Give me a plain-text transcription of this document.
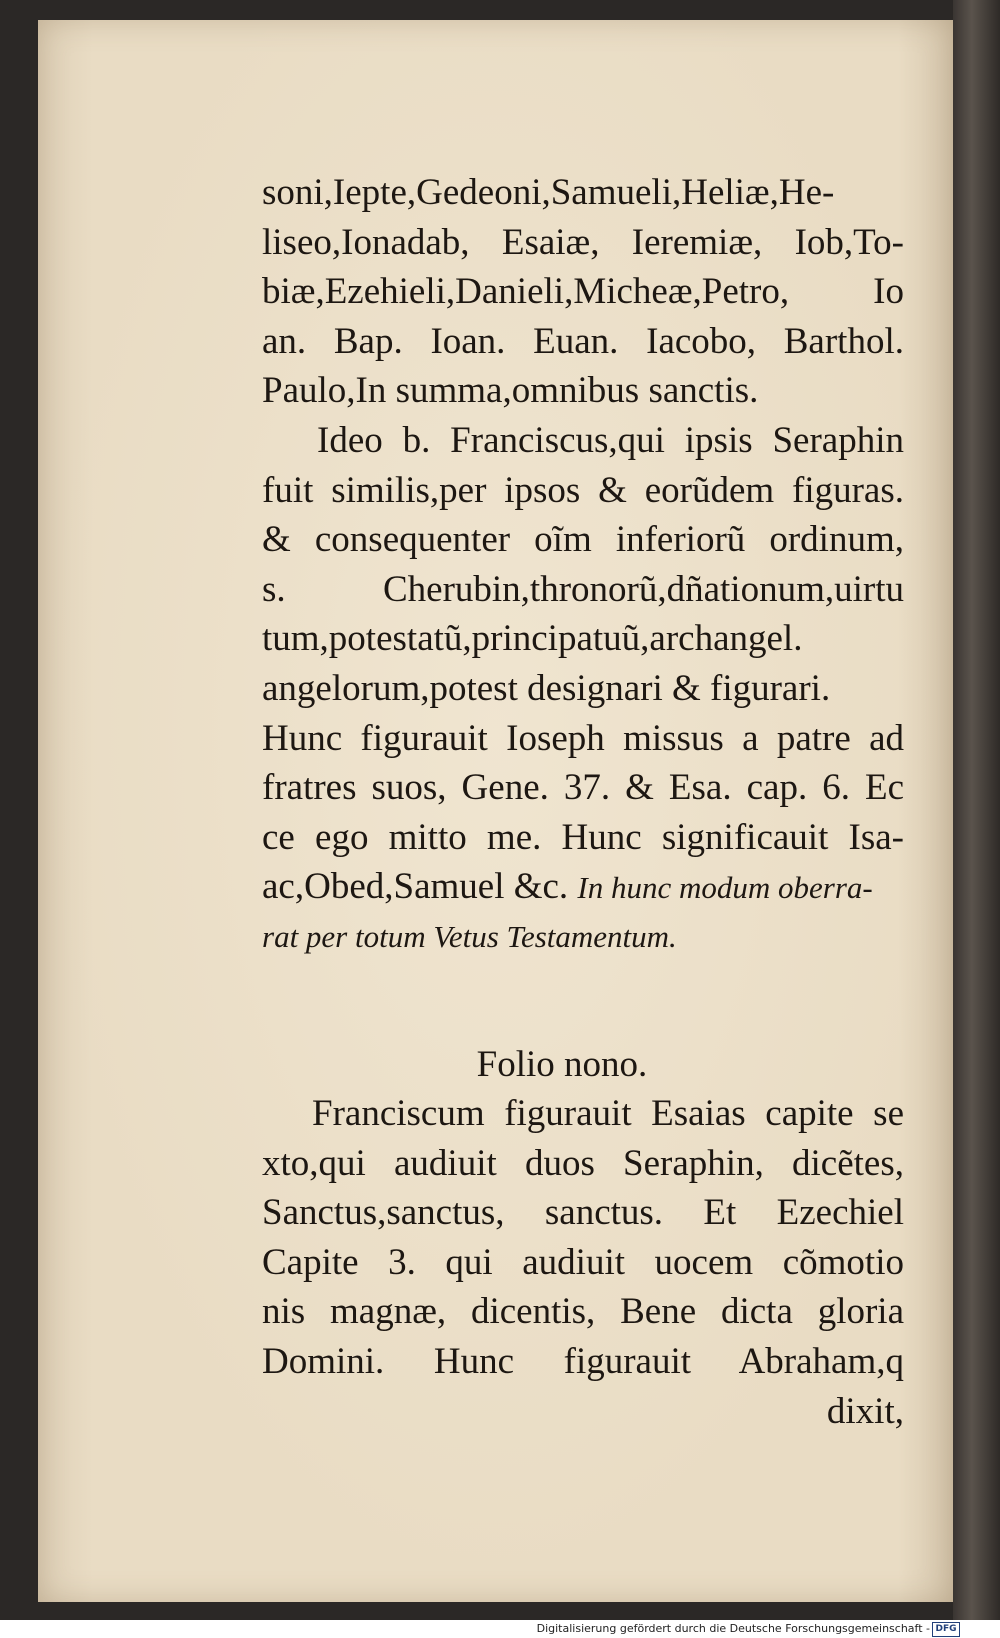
soni,Iepte,Gedeoni,Samueli,Heliæ,He-
liseo,Ionadab, Esaiæ, Ieremiæ, Iob,To-
biæ,Ezehieli,Danieli,Micheæ,Petro, Io
an. Bap. Ioan. Euan. Iacobo, Barthol.
Paulo,In summa,omnibus sanctis.
Ideo b. Franciscus,qui ipsis Seraphin
fuit similis,per ipsos & eorũdem figuras.
& consequenter oĩm inferiorũ ordinum,
s. Cherubin,thronorũ,dñationum,uirtu
tum,potestatũ,principatuũ,archangel.
angelorum,potest designari & figurari.
Hunc figurauit Ioseph missus a patre ad
fratres suos, Gene. 37. & Esa. cap. 6. Ec
ce ego mitto me. Hunc significauit Isa-
ac,Obed,Samuel &c. In hunc modum oberra-
rat per totum Vetus Testamentum.
Folio nono.
Franciscum figurauit Esaias capite se
xto,qui audiuit duos Seraphin, dicẽtes,
Sanctus,sanctus, sanctus. Et Ezechiel
Capite 3. qui audiuit uocem cõmotio
nis magnæ, dicentis, Bene dicta gloria
Domini. Hunc figurauit Abraham,q
dixit,
Digitalisierung gefördert durch die Deutsche Forschungsgemeinschaft - DFG
